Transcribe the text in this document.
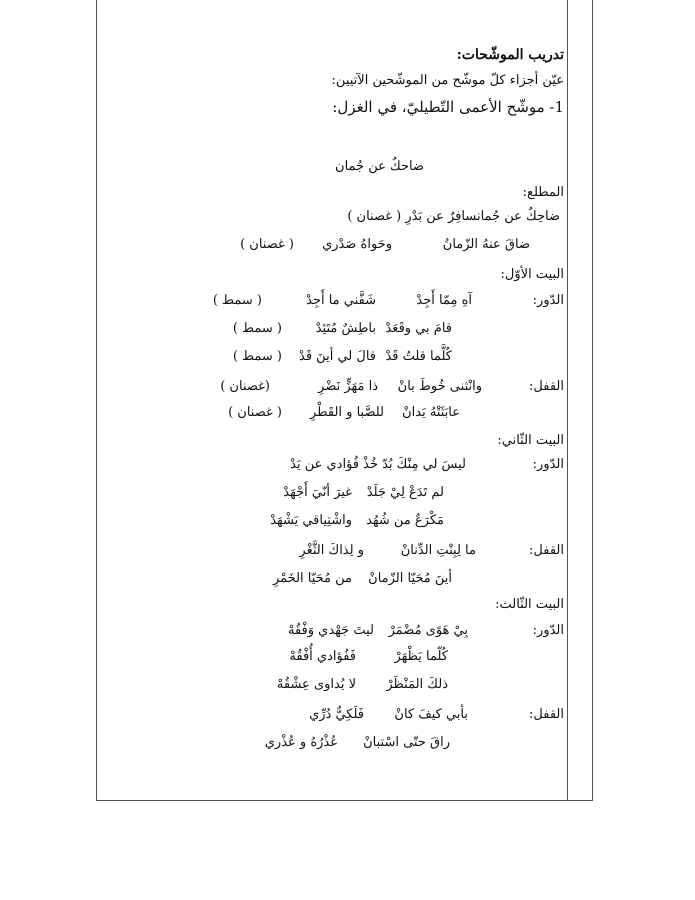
تدريب الموشّحات:
عيّن أجزاء كلّ موشّح من الموشّحين الآتيين:
1- موشّح الأعمى التّطيليّ، في الغزل:
ضاحكٌ عن جُمان
المطلع:
ضاحِكٌ عن جُمانسافِرٌ عن بَدْرِ ( غصنان )
ضاقَ عنهُ الزّمانُ
وحَواهُ صَدْري
( غصنان )
البيت الأوّل:
الدّور:
آهِ مِمّا أَجِدْ
شَفَّني ما أَجِدْ
( سمط )
قامَ بي وقَعَدْ
باطِشٌ مُتَئِدْ
( سمط )
كُلَّما قلتُ قَدْ
قالَ لي أينَ قَدْ
( سمط )
القفل:
وانْثنى خُوطَ بانْ
ذا مَهَزٍّ نَضْرِ
(غصنان )
عابَثَتْهُ يَدانْ
للصَّبا و القَطْرِ
( غصنان )
البيت الثّاني:
الدّور:
ليسَ لي مِنْكَ بُدّ
خُذْ فُؤادي عن يَدْ
لم تَدَعْ لِيْ جَلَدْ
غيرَ أنّيَ أَجْهَدْ
مَكْرَعٌ من شُهُد
واشْتِياقي يَشْهَدْ
القفل:
ما لِبِنْتِ الدِّنانْ
و لِذاكَ الثَّغْرِ
أينَ مُحَيّا الزّمانْ
من مُحَيّا الخَمْرِ
البيت الثّالث:
الدّور:
بِيْ هَوًى مُضْمَرْ
ليتَ جَهْدي وَفْقُهْ
كُلّما يَظْهَرْ
فَفُؤادي أُفْقُهْ
ذلكَ المَنْظَرْ
لا يُداوى عِشْقُهْ
القفل:
بأبي كيفَ كانْ
فَلَكِيٌّ دُرِّي
راقَ حتّى اسْتبانْ
عُذْرُهُ و عُذْري
